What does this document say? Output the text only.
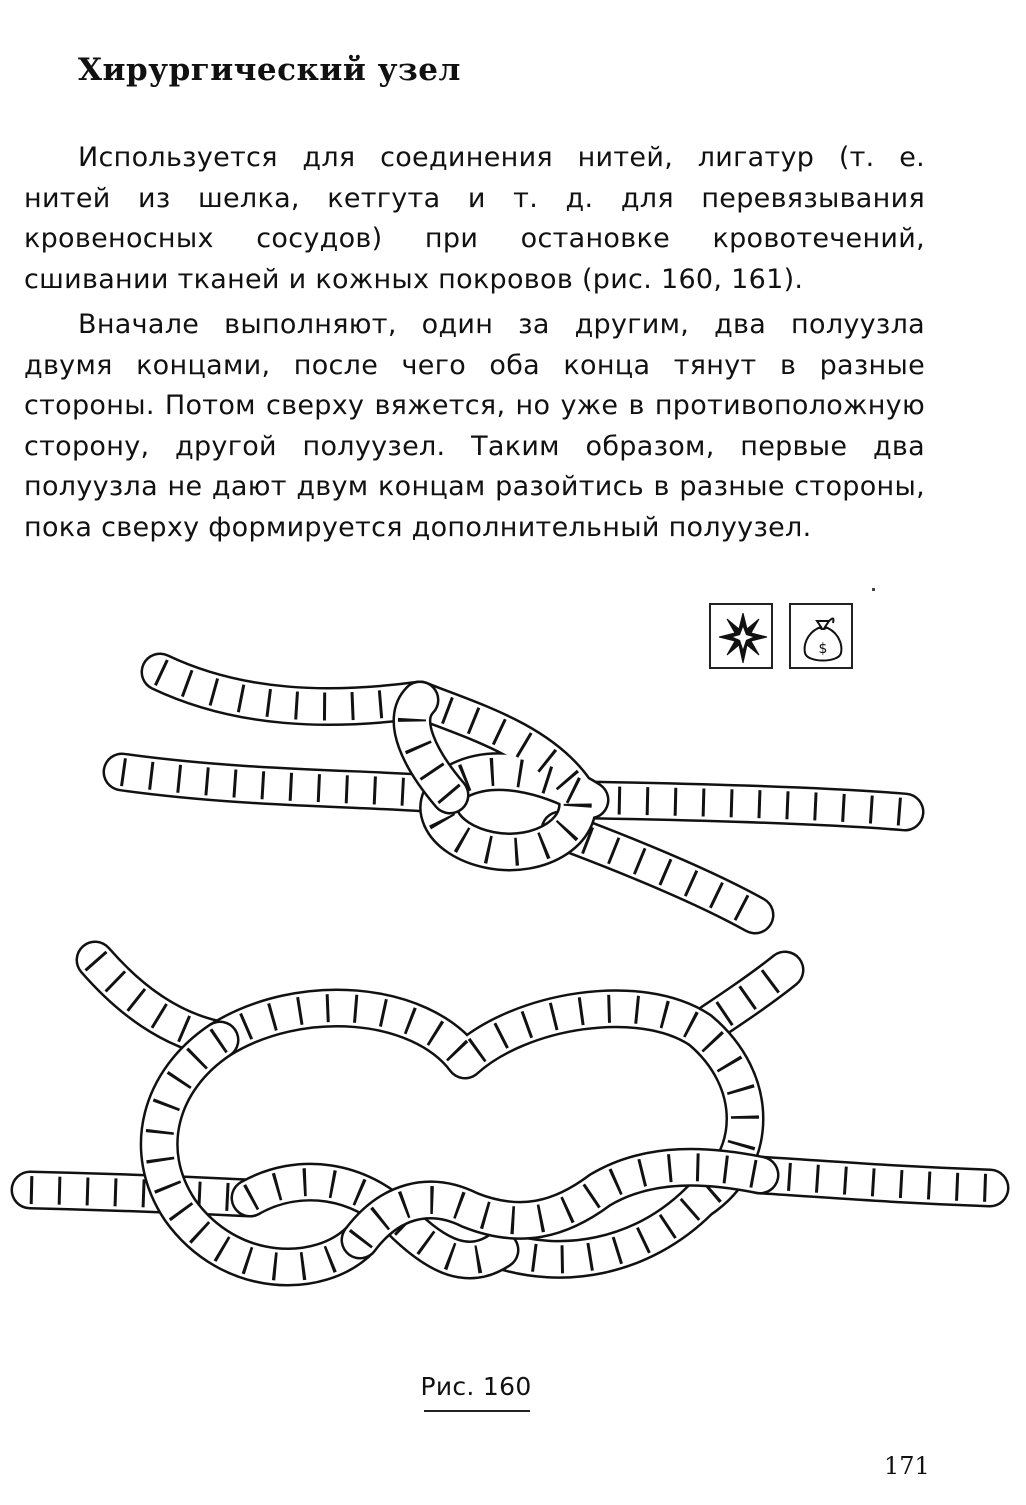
Хирургический узел

Используется для соединения нитей, лигатур (т. е. нитей из шелка, кетгута и т. д. для перевязывания кровеносных сосудов) при остановке кровотечений, сшивании тканей и кожных покровов (рис. 160, 161).

Вначале выполняют, один за другим, два полуузла двумя концами, после чего оба конца тянут в разные стороны. Потом сверху вяжется, но уже в противоположную сторону, другой полуузел. Таким образом, первые два полуузла не дают двум концам разойтись в разные стороны, пока сверху формируется дополнительный полуузел.

$
Рис. 160
171
